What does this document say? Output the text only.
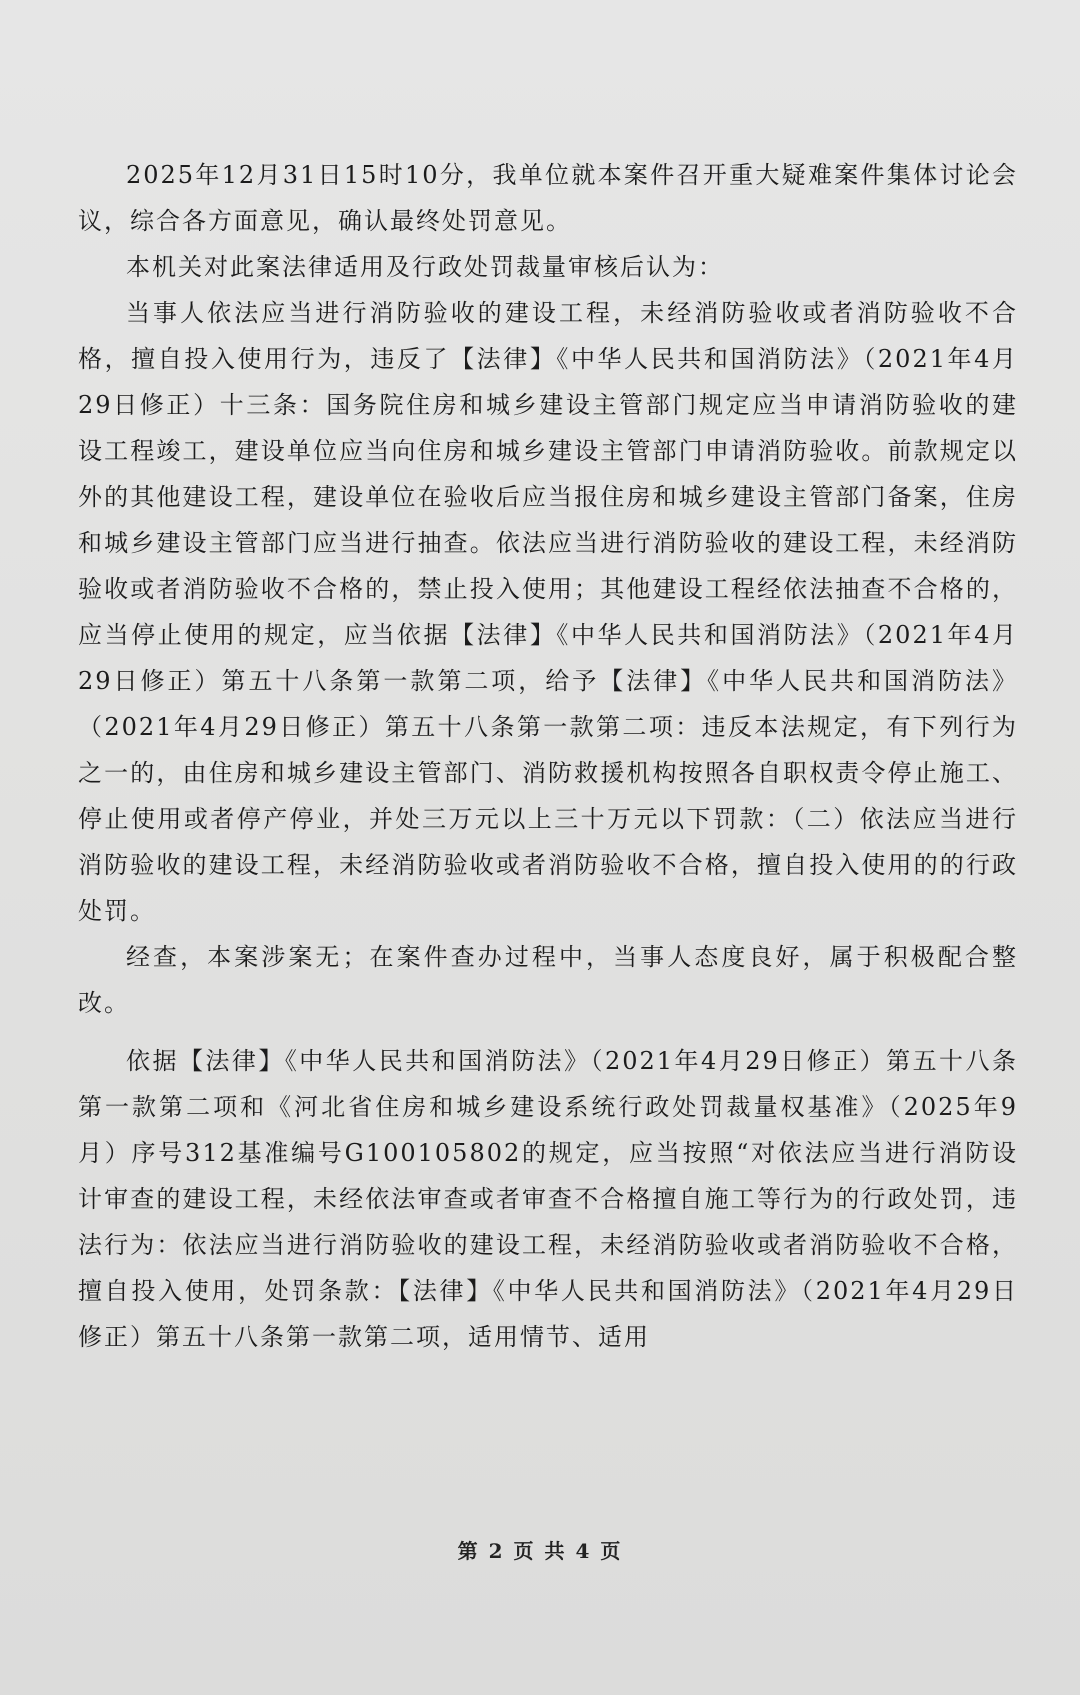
2025年12月31日15时10分，我单位就本案件召开重大疑难案件集体讨论会议，综合各方面意见，确认最终处罚意见。

本机关对此案法律适用及行政处罚裁量审核后认为：

当事人依法应当进行消防验收的建设工程，未经消防验收或者消防验收不合格，擅自投入使用行为，违反了【法律】《中华人民共和国消防法》（2021年4月29日修正）十三条：国务院住房和城乡建设主管部门规定应当申请消防验收的建设工程竣工，建设单位应当向住房和城乡建设主管部门申请消防验收。前款规定以外的其他建设工程，建设单位在验收后应当报住房和城乡建设主管部门备案，住房和城乡建设主管部门应当进行抽查。依法应当进行消防验收的建设工程，未经消防验收或者消防验收不合格的，禁止投入使用；其他建设工程经依法抽查不合格的，应当停止使用的规定，应当依据【法律】《中华人民共和国消防法》（2021年4月29日修正）第五十八条第一款第二项，给予【法律】《中华人民共和国消防法》（2021年4月29日修正）第五十八条第一款第二项：违反本法规定，有下列行为之一的，由住房和城乡建设主管部门、消防救援机构按照各自职权责令停止施工、停止使用或者停产停业，并处三万元以上三十万元以下罚款：（二）依法应当进行消防验收的建设工程，未经消防验收或者消防验收不合格，擅自投入使用的的行政处罚。

经查，本案涉案无；在案件查办过程中，当事人态度良好，属于积极配合整改。

依据【法律】《中华人民共和国消防法》（2021年4月29日修正）第五十八条第一款第二项和《河北省住房和城乡建设系统行政处罚裁量权基准》（2025年9月）序号312基准编号G100105802的规定，应当按照“对依法应当进行消防设计审查的建设工程，未经依法审查或者审查不合格擅自施工等行为的行政处罚，违法行为：依法应当进行消防验收的建设工程，未经消防验收或者消防验收不合格，擅自投入使用，处罚条款：【法律】《中华人民共和国消防法》（2021年4月29日修正）第五十八条第一款第二项，适用情节、适用

第 2 页 共 4 页
